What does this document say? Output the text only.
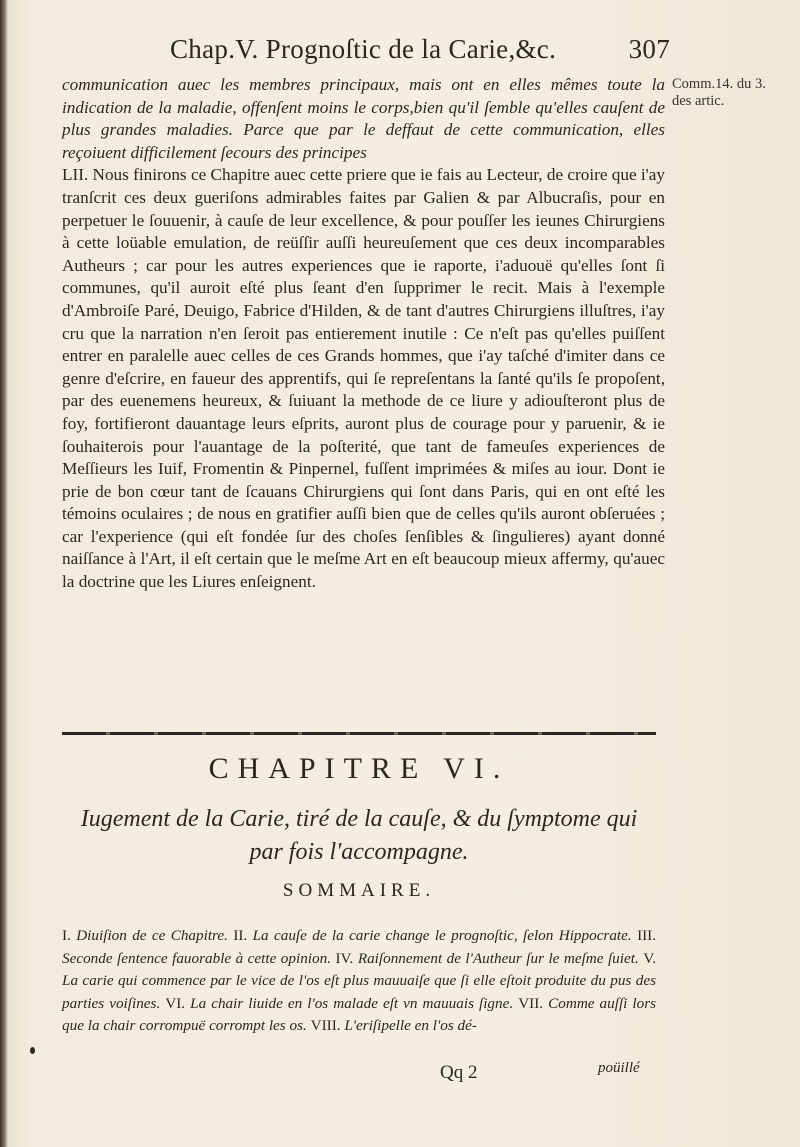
Chap.V. Prognoſtic de la Carie,&c.	307
Comm.14. du 3. des artic.

communication auec les membres principaux, mais ont en elles mêmes toute la indication de la maladie, offenſent moins le corps,bien qu'il ſemble qu'elles cauſent de plus grandes maladies. Parce que par le deffaut de cette communication, elles reçoiuent difficilement ſecours des principes

LII. Nous finirons ce Chapitre auec cette priere que ie fais au Lecteur, de croire que i'ay tranſcrit ces deux gueriſons admirables faites par Galien & par Albucraſis, pour en perpetuer le ſouuenir, à cauſe de leur excellence, & pour pouſſer les ieunes Chirurgiens à cette loüable emulation, de reüſſir auſſi heureuſement que ces deux incomparables Autheurs ; car pour les autres experiences que ie raporte, i'aduouë qu'elles ſont ſi communes, qu'il auroit eſté plus ſeant d'en ſupprimer le recit. Mais à l'exemple d'Ambroiſe Paré, Deuigo, Fabrice d'Hilden, & de tant d'autres Chirurgiens illuſtres, i'ay cru que la narration n'en ſeroit pas entierement inutile : Ce n'eſt pas qu'elles puiſſent entrer en paralelle auec celles de ces Grands hommes, que i'ay taſché d'imiter dans ce genre d'eſcrire, en faueur des apprentifs, qui ſe repreſentans la ſanté qu'ils ſe propoſent, par des euenemens heureux, & ſuiuant la methode de ce liure y adiouſteront plus de foy, fortifieront dauantage leurs eſprits, auront plus de courage pour y paruenir, & ie ſouhaiterois pour l'auantage de la poſterité, que tant de fameuſes experiences de Meſſieurs les Iuif, Fromentin & Pinpernel, fuſſent imprimées & miſes au iour. Dont ie prie de bon cœur tant de ſcauans Chirurgiens qui ſont dans Paris, qui en ont eſté les témoins oculaires ; de nous en gratifier auſſi bien que de celles qu'ils auront obſeruées ; car l'experience (qui eſt fondée ſur des choſes ſenſibles & ſingulieres) ayant donné naiſſance à l'Art, il eſt certain que le meſme Art en eſt beaucoup mieux affermy, qu'auec la doctrine que les Liures enſeignent.

CHAPITRE VI.
Iugement de la Carie, tiré de la cauſe, & du ſymptome qui par fois l'accompagne.
SOMMAIRE.
I. Diuiſion de ce Chapitre. II. La cauſe de la carie change le prognoſtic, ſelon Hippocrate. III. Seconde ſentence fauorable à cette opinion. IV. Raiſonnement de l'Autheur ſur le meſme ſuiet. V. La carie qui commence par le vice de l'os eſt plus mauuaiſe que ſi elle eſtoit produite du pus des parties voiſines. VI. La chair liuide en l'os malade eſt vn mauuais ſigne. VII. Comme auſſi lors que la chair corrompuë corrompt les os. VIII. L'eriſipelle en l'os dé-
Qq 2	poüillé
